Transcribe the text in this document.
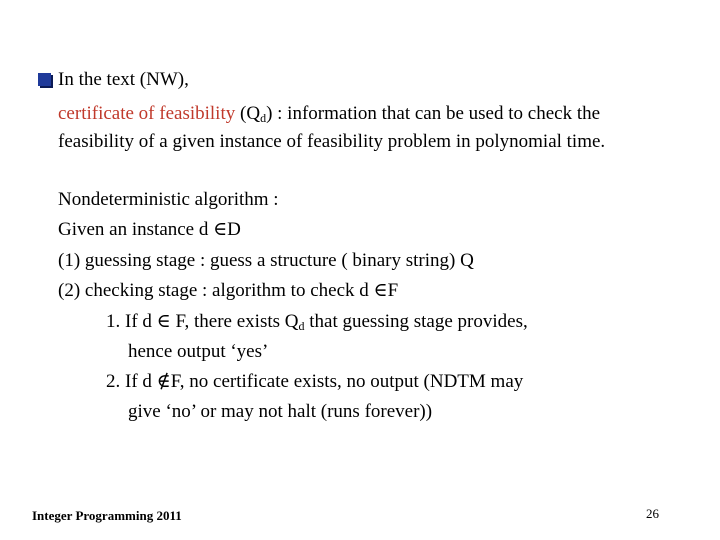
In the text (NW),
certificate of feasibility $(Q_d)$ : information that can be used to check the
feasibility of a given instance of feasibility problem in polynomial time.
Nondeterministic algorithm :
Given an instance d ∈D
(1) guessing stage : guess a structure ( binary string) Q
(2) checking stage : algorithm to check d ∈F
1. If d ∈ F, there exists $Q_d$ that guessing stage provides,
hence output ‘yes’
2. If d ∉F, no certificate exists, no output (NDTM may
give ‘no’ or may not halt (runs forever))
Integer Programming 2011	26
